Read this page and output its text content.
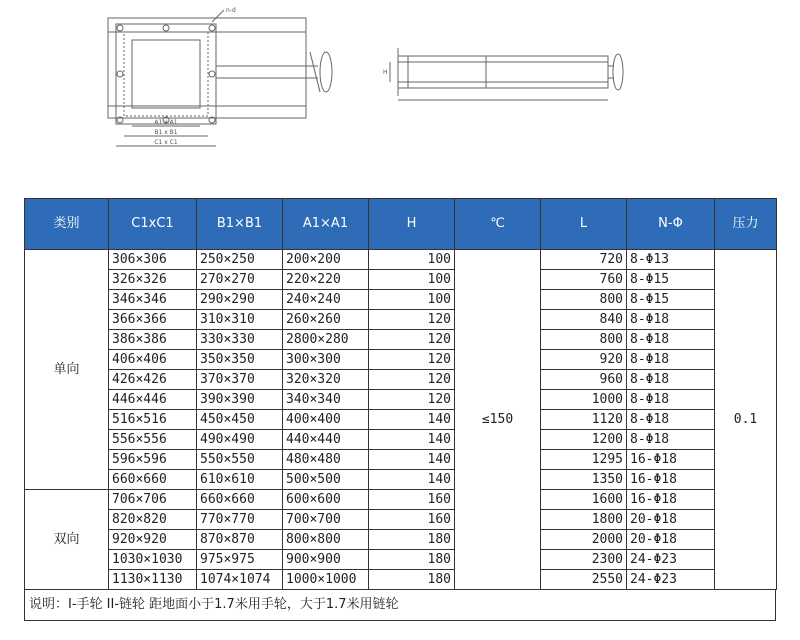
n-d
A1 x A1
B1 x B1
C1 x C1
H
类别	C1xC1	B1×B1	A1×A1	H	℃	L	N-Φ	压力
单向	306×306	250×250	200×200	100	≤150	720	8-Φ13	0.1
	326×326	270×270	220×220	100		760	8-Φ15	
	346×346	290×290	240×240	100		800	8-Φ15	
	366×366	310×310	260×260	120		840	8-Φ18	
	386×386	330×330	2800×280	120		800	8-Φ18	
	406×406	350×350	300×300	120		920	8-Φ18	
	426×426	370×370	320×320	120		960	8-Φ18	
	446×446	390×390	340×340	120		1000	8-Φ18	
	516×516	450×450	400×400	140		1120	8-Φ18	
	556×556	490×490	440×440	140		1200	8-Φ18	
	596×596	550×550	480×480	140		1295	16-Φ18	
	660×660	610×610	500×500	140		1350	16-Φ18	
双向	706×706	660×660	600×600	160		1600	16-Φ18	
	820×820	770×770	700×700	160		1800	20-Φ18	
	920×920	870×870	800×800	180		2000	20-Φ18	
	1030×1030	975×975	900×900	180		2300	24-Φ23	
	1130×1130	1074×1074	1000×1000	180		2550	24-Φ23	
说明：I-手轮 II-链轮 距地面小于1.7米用手轮，大于1.7米用链轮
